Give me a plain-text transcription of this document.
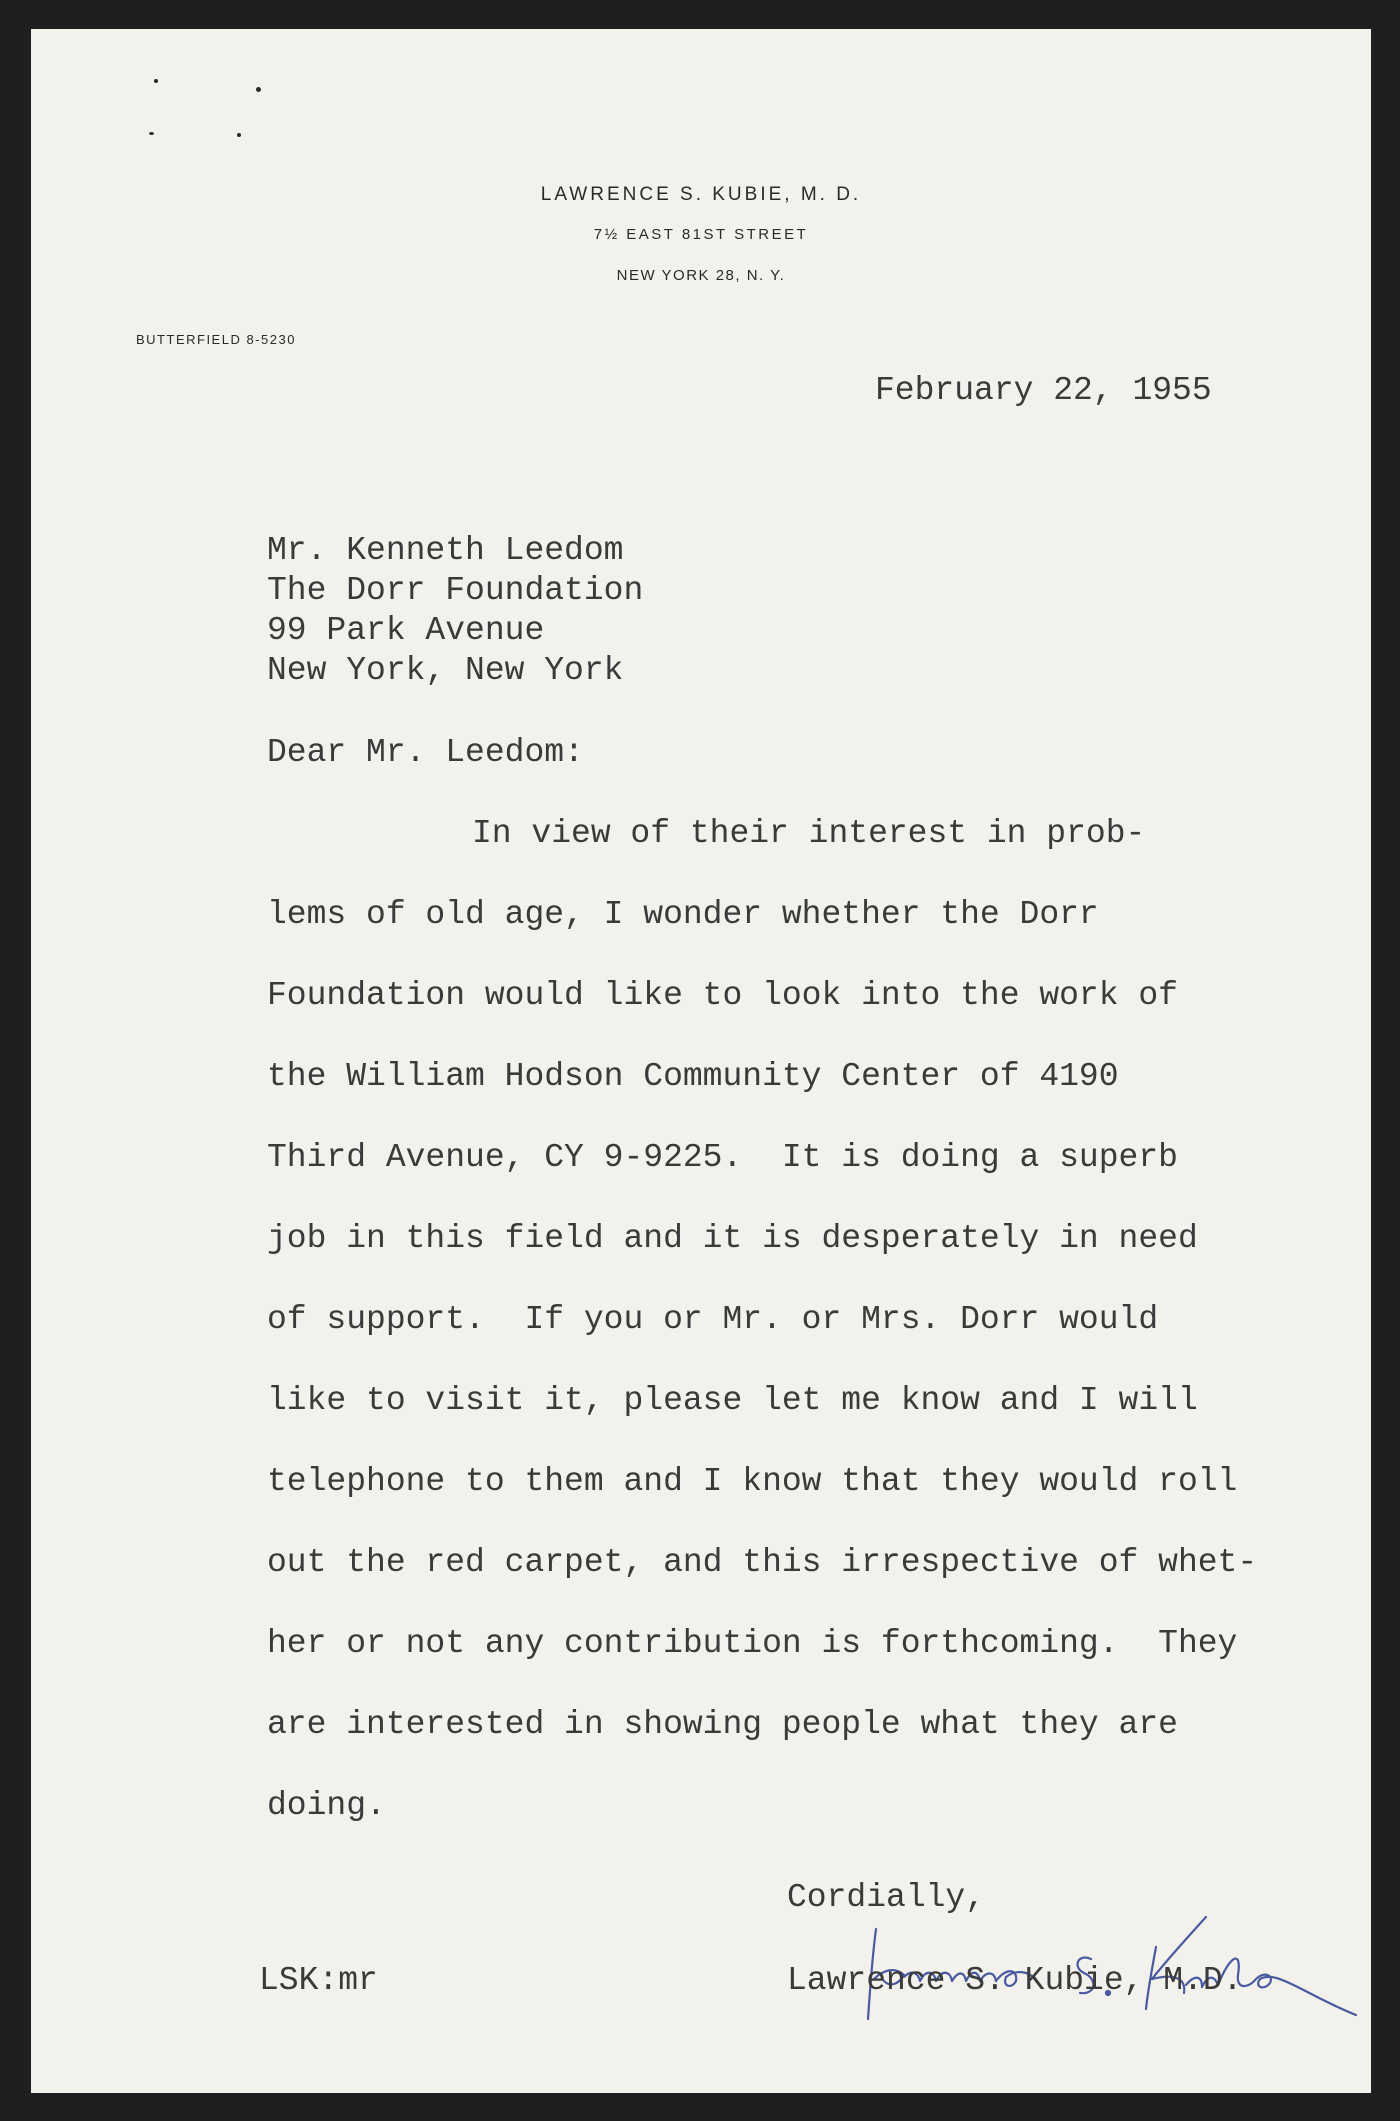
LAWRENCE S. KUBIE, M. D.
7½ EAST 81ST STREET
NEW YORK 28, N. Y.
BUTTERFIELD 8-5230
February 22, 1955
Mr. Kenneth Leedom
The Dorr Foundation
99 Park Avenue
New York, New York
Dear Mr. Leedom:
In view of their interest in prob-
lems of old age, I wonder whether the Dorr
Foundation would like to look into the work of
the William Hodson Community Center of 4190
Third Avenue, CY 9-9225.  It is doing a superb
job in this field and it is desperately in need
of support.  If you or Mr. or Mrs. Dorr would
like to visit it, please let me know and I will
telephone to them and I know that they would roll
out the red carpet, and this irrespective of whet-
her or not any contribution is forthcoming.  They
are interested in showing people what they are
doing.
Cordially,
Lawrence S. Kubie, M.D.
LSK:mr
